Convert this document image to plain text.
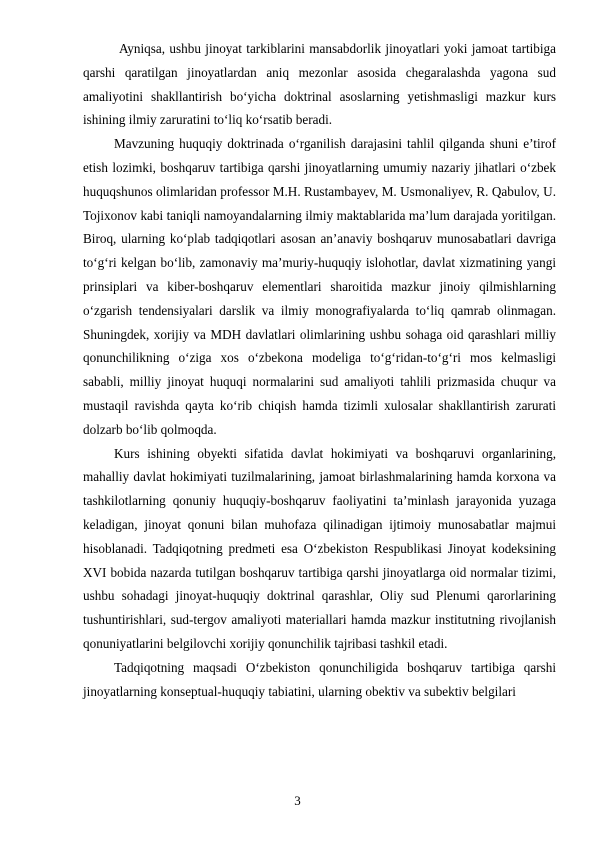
Ayniqsa, ushbu jinoyat tarkiblarini mansabdorlik jinoyatlari yoki jamoat tartibiga qarshi qaratilgan jinoyatlardan aniq mezonlar asosida chegaralashda yagona sud amaliyotini shakllantirish bo‘yicha doktrinal asoslarning yetishmasligi mazkur kurs ishining ilmiy zaruratini to‘liq ko‘rsatib beradi.

Mavzuning huquqiy doktrinada o‘rganilish darajasini tahlil qilganda shuni e’tirof etish lozimki, boshqaruv tartibiga qarshi jinoyatlarning umumiy nazariy jihatlari o‘zbek huquqshunos olimlaridan professor M.H. Rustambayev, M. Usmonaliyev, R. Qabulov, U. Tojixonov kabi taniqli namoyandalarning ilmiy maktablarida ma’lum darajada yoritilgan. Biroq, ularning ko‘plab tadqiqotlari asosan an’anaviy boshqaruv munosabatlari davriga to‘g‘ri kelgan bo‘lib, zamonaviy ma’muriy-huquqiy islohotlar, davlat xizmatining yangi prinsiplari va kiber-boshqaruv elementlari sharoitida mazkur jinoiy qilmishlarning o‘zgarish tendensiyalari darslik va ilmiy monografiyalarda to‘liq qamrab olinmagan. Shuningdek, xorijiy va MDH davlatlari olimlarining ushbu sohaga oid qarashlari milliy qonunchilikning o‘ziga xos o‘zbekona modeliga to‘g‘ridan-to‘g‘ri mos kelmasligi sababli, milliy jinoyat huquqi normalarini sud amaliyoti tahlili prizmasida chuqur va mustaqil ravishda qayta ko‘rib chiqish hamda tizimli xulosalar shakllantirish zarurati dolzarb bo‘lib qolmoqda.

Kurs ishining obyekti sifatida davlat hokimiyati va boshqaruvi organlarining, mahalliy davlat hokimiyati tuzilmalarining, jamoat birlashmalarining hamda korxona va tashkilotlarning qonuniy huquqiy-boshqaruv faoliyatini ta’minlash jarayonida yuzaga keladigan, jinoyat qonuni bilan muhofaza qilinadigan ijtimoiy munosabatlar majmui hisoblanadi. Tadqiqotning predmeti esa O‘zbekiston Respublikasi Jinoyat kodeksining XVI bobida nazarda tutilgan boshqaruv tartibiga qarshi jinoyatlarga oid normalar tizimi, ushbu sohadagi jinoyat-huquqiy doktrinal qarashlar, Oliy sud Plenumi qarorlarining tushuntirishlari, sud-tergov amaliyoti materiallari hamda mazkur institutning rivojlanish qonuniyatlarini belgilovchi xorijiy qonunchilik tajribasi tashkil etadi.

Tadqiqotning maqsadi O‘zbekiston qonunchiligida boshqaruv tartibiga qarshi jinoyatlarning konseptual-huquqiy tabiatini, ularning obektiv va subektiv belgilari

3
